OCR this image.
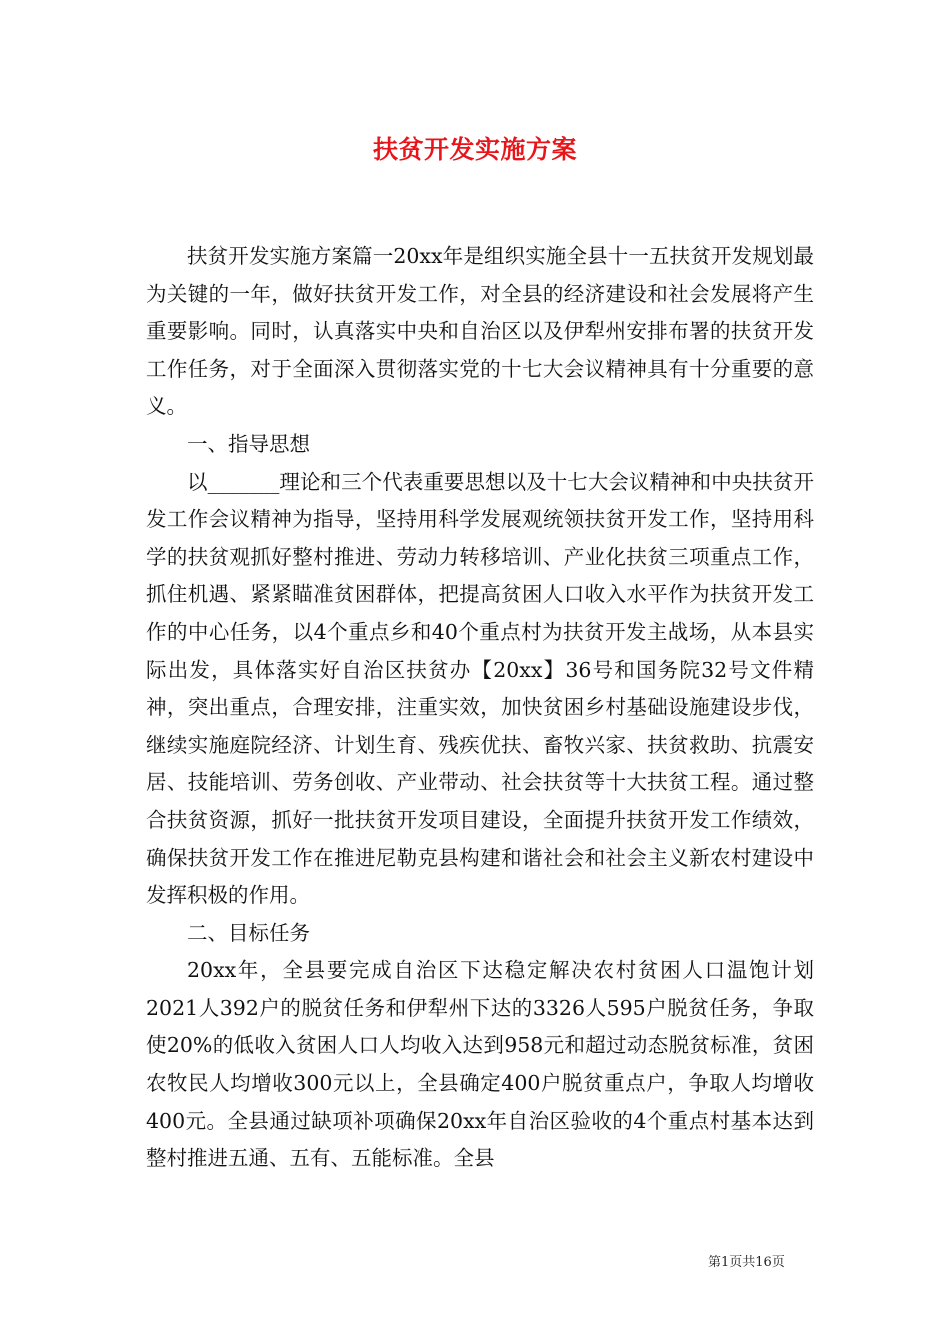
扶贫开发实施方案

扶贫开发实施方案篇一20xx年是组织实施全县十一五扶贫开发规划最为关键的一年，做好扶贫开发工作，对全县的经济建设和社会发展将产生重要影响。同时，认真落实中央和自治区以及伊犁州安排布署的扶贫开发工作任务，对于全面深入贯彻落实党的十七大会议精神具有十分重要的意义。

一、指导思想

以_______理论和三个代表重要思想以及十七大会议精神和中央扶贫开发工作会议精神为指导，坚持用科学发展观统领扶贫开发工作，坚持用科学的扶贫观抓好整村推进、劳动力转移培训、产业化扶贫三项重点工作，抓住机遇、紧紧瞄准贫困群体，把提高贫困人口收入水平作为扶贫开发工作的中心任务，以4个重点乡和40个重点村为扶贫开发主战场，从本县实际出发，具体落实好自治区扶贫办【20xx】36号和国务院32号文件精神，突出重点，合理安排，注重实效，加快贫困乡村基础设施建设步伐，继续实施庭院经济、计划生育、残疾优扶、畜牧兴家、扶贫救助、抗震安居、技能培训、劳务创收、产业带动、社会扶贫等十大扶贫工程。通过整合扶贫资源，抓好一批扶贫开发项目建设，全面提升扶贫开发工作绩效，确保扶贫开发工作在推进尼勒克县构建和谐社会和社会主义新农村建设中发挥积极的作用。

二、目标任务

20xx年，全县要完成自治区下达稳定解决农村贫困人口温饱计划2021人392户的脱贫任务和伊犁州下达的3326人595户脱贫任务，争取使20%的低收入贫困人口人均收入达到958元和超过动态脱贫标准，贫困农牧民人均增收300元以上，全县确定400户脱贫重点户，争取人均增收400元。全县通过缺项补项确保20xx年自治区验收的4个重点村基本达到整村推进五通、五有、五能标准。全县

第1页共16页
